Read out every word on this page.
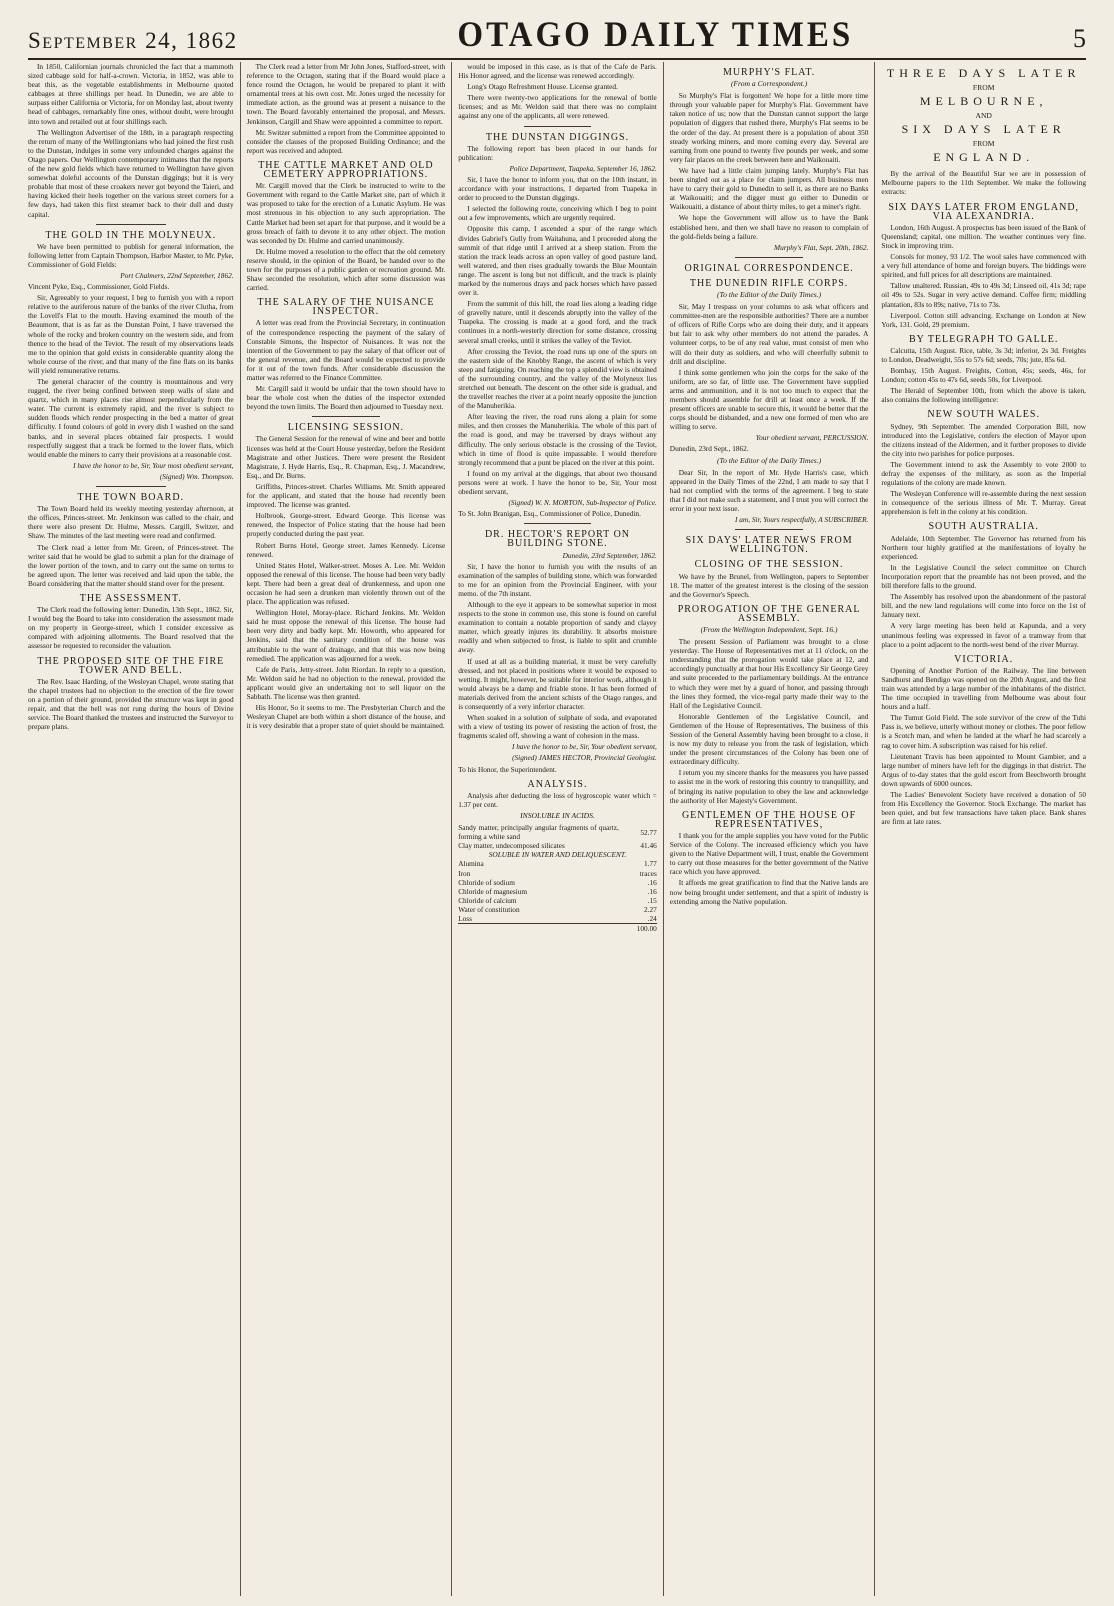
September 24, 1862	OTAGO DAILY TIMES	5

In 1850, Californian journals chronicled the fact that a mammoth sized cabbage sold for half-a-crown. Victoria, in 1852, was able to beat this, as the vegetable establishments in Melbourne quoted cabbages at three shillings per head. In Dunedin, we are able to surpass either California or Victoria, for on Monday last, about twenty head of cabbages, remarkably fine ones, without doubt, were brought into town and retailed out at four shillings each.

The Wellington Advertiser of the 18th, in a paragraph respecting the return of many of the Wellingtonians who had joined the first rush to the Dunstan, indulges in some very unfounded charges against the Otago papers. Our Wellington contemporary intimates that the reports of the new gold fields which have returned to Wellington have given somewhat doleful accounts of the Dunstan diggings; but it is very probable that most of these croakers never got beyond the Taieri, and having kicked their heels together on the various street corners for a few days, had taken this first steamer back to their dull and dusty capital.

THE GOLD IN THE MOLYNEUX.

We have been permitted to publish for general information, the following letter from Captain Thompson, Harbor Master, to Mr. Pyke, Commissioner of Gold Fields:

Port Chalmers, 22nd September, 1862.

Vincent Pyke, Esq., Commissioner, Gold Fields.

Sir, Agreeably to your request, I beg to furnish you with a report relative to the auriferous nature of the banks of the river Clutha, from the Lovell's Flat to the mouth. Having examined the mouth of the Beaumont, that is as far as the Dunstan Point, I have traversed the whole of the rocky and broken country on the western side, and from thence to the head of the Teviot. The result of my observations leads me to the opinion that gold exists in considerable quantity along the whole course of the river, and that many of the fine flats on its banks will yield remunerative returns.

The general character of the country is mountainous and very rugged, the river being confined between steep walls of slate and quartz, which in many places rise almost perpendicularly from the water. The current is extremely rapid, and the river is subject to sudden floods which render prospecting in the bed a matter of great difficulty. I found colours of gold in every dish I washed on the sand banks, and in several places obtained fair prospects. I would respectfully suggest that a track be formed to the lower flats, which would enable the miners to carry their provisions at a reasonable cost.

I have the honor to be, Sir, Your most obedient servant,

(Signed) Wm. Thompson.

THE TOWN BOARD.

The Town Board held its weekly meeting yesterday afternoon, at the offices, Princes-street. Mr. Jenkinson was called to the chair, and there were also present Dr. Hulme, Messrs. Cargill, Switzer, and Shaw. The minutes of the last meeting were read and confirmed.

The Clerk read a letter from Mr. Green, of Princes-street. The writer said that he would be glad to submit a plan for the drainage of the lower portion of the town, and to carry out the same on terms to be agreed upon. The letter was received and laid upon the table, the Board considering that the matter should stand over for the present.

THE ASSESSMENT.

The Clerk read the following letter: Dunedin, 13th Sept., 1862. Sir, I would beg the Board to take into consideration the assessment made on my property in George-street, which I consider excessive as compared with adjoining allotments. The Board resolved that the assessor be requested to reconsider the valuation.

THE PROPOSED SITE OF THE FIRE TOWER AND BELL.

The Rev. Isaac Harding, of the Wesleyan Chapel, wrote stating that the chapel trustees had no objection to the erection of the fire tower on a portion of their ground, provided the structure was kept in good repair, and that the bell was not rung during the hours of Divine service. The Board thanked the trustees and instructed the Surveyor to prepare plans.

The Clerk read a letter from Mr John Jones, Stafford-street, with reference to the Octagon, stating that if the Board would place a fence round the Octagon, he would be prepared to plant it with ornamental trees at his own cost. Mr. Jones urged the necessity for immediate action, as the ground was at present a nuisance to the town. The Board favorably entertained the proposal, and Messrs. Jenkinson, Cargill and Shaw were appointed a committee to report.

Mr. Switzer submitted a report from the Committee appointed to consider the clauses of the proposed Building Ordinance; and the report was received and adopted.

THE CATTLE MARKET AND OLD CEMETERY APPROPRIATIONS.

Mr. Cargill moved that the Clerk be instructed to write to the Government with regard to the Cattle Market site, part of which it was proposed to take for the erection of a Lunatic Asylum. He was most strenuous in his objection to any such appropriation. The Cattle Market had been set apart for that purpose, and it would be a gross breach of faith to devote it to any other object. The motion was seconded by Dr. Hulme and carried unanimously.

Dr. Hulme moved a resolution to the effect that the old cemetery reserve should, in the opinion of the Board, be handed over to the town for the purposes of a public garden or recreation ground. Mr. Shaw seconded the resolution, which after some discussion was carried.

THE SALARY OF THE NUISANCE INSPECTOR.

A letter was read from the Provincial Secretary, in continuation of the correspondence respecting the payment of the salary of Constable Simons, the Inspector of Nuisances. It was not the intention of the Government to pay the salary of that officer out of the general revenue, and the Board would be expected to provide for it out of the town funds. After considerable discussion the matter was referred to the Finance Committee.

Mr. Cargill said it would be unfair that the town should have to bear the whole cost when the duties of the inspector extended beyond the town limits. The Board then adjourned to Tuesday next.

LICENSING SESSION.

The General Session for the renewal of wine and beer and bottle licenses was held at the Court House yesterday, before the Resident Magistrate and other Justices. There were present the Resident Magistrate, J. Hyde Harris, Esq., R. Chapman, Esq., J. Macandrew, Esq., and Dr. Burns.

Griffiths, Princes-street. Charles Williams. Mr. Smith appeared for the applicant, and stated that the house had recently been improved. The license was granted.

Holbrook, George-street. Edward George. This license was renewed, the Inspector of Police stating that the house had been properly conducted during the past year.

Robert Burns Hotel, George street. James Kennedy. License renewed.

United States Hotel, Walker-street. Moses A. Lee. Mr. Weldon opposed the renewal of this license. The house had been very badly kept. There had been a great deal of drunkenness, and upon one occasion he had seen a drunken man violently thrown out of the place. The application was refused.

Wellington Hotel, Moray-place. Richard Jenkins. Mr. Weldon said he must oppose the renewal of this license. The house had been very dirty and badly kept. Mr. Howorth, who appeared for Jenkins, said that the sanitary condition of the house was attributable to the want of drainage, and that this was now being remedied. The application was adjourned for a week.

Cafe de Paris, Jetty-street. John Riordan. In reply to a question, Mr. Weldon said he had no objection to the renewal, provided the applicant would give an undertaking not to sell liquor on the Sabbath. The license was then granted.

His Honor, So it seems to me. The Presbyterian Church and the Wesleyan Chapel are both within a short distance of the house, and it is very desirable that a proper state of quiet should be maintained.

would be imposed in this case, as is that of the Cafe de Paris. His Honor agreed, and the license was renewed accordingly.

Long's Otago Refreshment House. License granted.

There were twenty-two applications for the renewal of bottle licenses; and as Mr. Weldon said that there was no complaint against any one of the applicants, all were renewed.

THE DUNSTAN DIGGINGS.

The following report has been placed in our hands for publication:

Police Department, Tuapeka, September 16, 1862.

Sir, I have the honor to inform you, that on the 10th instant, in accordance with your instructions, I departed from Tuapeka in order to proceed to the Dunstan diggings.

I selected the following route, conceiving which I beg to point out a few improvements, which are urgently required.

Opposite this camp, I ascended a spur of the range which divides Gabriel's Gully from Waitahuna, and I proceeded along the summit of that ridge until I arrived at a sheep station. From the station the track leads across an open valley of good pasture land, well watered, and then rises gradually towards the Blue Mountain range. The ascent is long but not difficult, and the track is plainly marked by the numerous drays and pack horses which have passed over it.

From the summit of this hill, the road lies along a leading ridge of gravelly nature, until it descends abruptly into the valley of the Tuapeka. The crossing is made at a good ford, and the track continues in a north-westerly direction for some distance, crossing several small creeks, until it strikes the valley of the Teviot.

After crossing the Teviot, the road runs up one of the spurs on the eastern side of the Knobby Range, the ascent of which is very steep and fatiguing. On reaching the top a splendid view is obtained of the surrounding country, and the valley of the Molyneux lies stretched out beneath. The descent on the other side is gradual, and the traveller reaches the river at a point nearly opposite the junction of the Manuherikia.

After leaving the river, the road runs along a plain for some miles, and then crosses the Manuherikia. The whole of this part of the road is good, and may be traversed by drays without any difficulty. The only serious obstacle is the crossing of the Teviot, which in time of flood is quite impassable. I would therefore strongly recommend that a punt be placed on the river at this point.

I found on my arrival at the diggings, that about two thousand persons were at work. I have the honor to be, Sir, Your most obedient servant,

(Signed) W. N. MORTON, Sub-Inspector of Police.

To St. John Branigan, Esq., Commissioner of Police, Dunedin.

DR. HECTOR'S REPORT ON BUILDING STONE.

Dunedin, 23rd September, 1862.

Sir, I have the honor to furnish you with the results of an examination of the samples of building stone, which was forwarded to me for an opinion from the Provincial Engineer, with your memo. of the 7th instant.

Although to the eye it appears to be somewhat superior in most respects to the stone in common use, this stone is found on careful examination to contain a notable proportion of sandy and clayey matter, which greatly injures its durability. It absorbs moisture readily and when subjected to frost, is liable to split and crumble away.

If used at all as a building material, it must be very carefully dressed, and not placed in positions where it would be exposed to wetting. It might, however, be suitable for interior work, although it would always be a damp and friable stone. It has been formed of materials derived from the ancient schists of the Otago ranges, and is consequently of a very inferior character.

When soaked in a solution of sulphate of soda, and evaporated with a view of testing its power of resisting the action of frost, the fragments scaled off, showing a want of cohesion in the mass.

I have the honor to be, Sir, Your obedient servant,

(Signed) JAMES HECTOR, Provincial Geologist.

To his Honor, the Superintendent.

ANALYSIS.

Analysis after deducting the loss of hygroscopic water which = 1.37 per cent.

INSOLUBLE IN ACIDS.
Sandy matter, principally angular fragments of quartz, forming a white sand	52.77
Clay matter, undecomposed silicates	41.46
SOLUBLE IN WATER AND DELIQUESCENT.	
Alumina	1.77
Iron	traces
Chloride of sodium	.16
Chloride of magnesium	.16
Chloride of calcium	.15
Water of constitution	2.27
Loss	.24
	100.00
MURPHY'S FLAT.
(From a Correspondent.)

So Murphy's Flat is forgotten! We hope for a little more time through your valuable paper for Murphy's Flat. Government have taken notice of us; now that the Dunstan cannot support the large population of diggers that rushed there, Murphy's Flat seems to be the order of the day. At present there is a population of about 350 steady working miners, and more coming every day. Several are earning from one pound to twenty five pounds per week, and some very fair places on the creek between here and Waikouaiti.

We have had a little claim jumping lately. Murphy's Flat has been singled out as a place for claim jumpers. All business men have to carry their gold to Dunedin to sell it, as there are no Banks at Waikouaiti; and the digger must go either to Dunedin or Waikouaiti, a distance of about thirty miles, to get a miner's right.

We hope the Government will allow us to have the Bank established here, and then we shall have no reason to complain of the gold-fields being a failure.

Murphy's Flat, Sept. 20th, 1862.

ORIGINAL CORRESPONDENCE.
THE DUNEDIN RIFLE CORPS.
(To the Editor of the Daily Times.)

Sir, May I trespass on your columns to ask what officers and committee-men are the responsible authorities? There are a number of officers of Rifle Corps who are doing their duty, and it appears but fair to ask why other members do not attend the parades. A volunteer corps, to be of any real value, must consist of men who will do their duty as soldiers, and who will cheerfully submit to drill and discipline.

I think some gentlemen who join the corps for the sake of the uniform, are so far, of little use. The Government have supplied arms and ammunition, and it is not too much to expect that the members should assemble for drill at least once a week. If the present officers are unable to secure this, it would be better that the corps should be disbanded, and a new one formed of men who are willing to serve.

Your obedient servant, PERCUSSION.

Dunedin, 23rd Sept., 1862.

(To the Editor of the Daily Times.)

Dear Sir, In the report of Mr. Hyde Harris's case, which appeared in the Daily Times of the 22nd, I am made to say that I had not complied with the terms of the agreement. I beg to state that I did not make such a statement, and I trust you will correct the error in your next issue.

I am, Sir, Yours respectfully, A SUBSCRIBER.

SIX DAYS' LATER NEWS FROM WELLINGTON.
CLOSING OF THE SESSION.

We have by the Brunel, from Wellington, papers to September 18. The matter of the greatest interest is the closing of the session and the Governor's Speech.

PROROGATION OF THE GENERAL ASSEMBLY.
(From the Wellington Independent, Sept. 16.)

The present Session of Parliament was brought to a close yesterday. The House of Representatives met at 11 o'clock, on the understanding that the prorogation would take place at 12, and accordingly punctually at that hour His Excellency Sir George Grey and suite proceeded to the parliamentary buildings. At the entrance to which they were met by a guard of honor, and passing through the lines they formed, the vice-regal party made their way to the Hall of the Legislative Council.

Honorable Gentlemen of the Legislative Council, and Gentlemen of the House of Representatives, The business of this Session of the General Assembly having been brought to a close, it is now my duty to release you from the task of legislation, which under the present circumstances of the Colony has been one of extraordinary difficulty.

I return you my sincere thanks for the measures you have passed to assist me in the work of restoring this country to tranquillity, and of bringing its native population to obey the law and acknowledge the authority of Her Majesty's Government.

GENTLEMEN OF THE HOUSE OF REPRESENTATIVES,

I thank you for the ample supplies you have voted for the Public Service of the Colony. The increased efficiency which you have given to the Native Department will, I trust, enable the Government to carry out those measures for the better government of the Native race which you have approved.

It affords me great gratification to find that the Native lands are now being brought under settlement, and that a spirit of industry is extending among the Native population.

THREE DAYS LATER
FROM
MELBOURNE,
AND
SIX DAYS LATER
FROM
ENGLAND.

By the arrival of the Beautiful Star we are in possession of Melbourne papers to the 11th September. We make the following extracts:

SIX DAYS LATER FROM ENGLAND, VIA ALEXANDRIA.

London, 16th August. A prospectus has been issued of the Bank of Queensland; capital, one million. The weather continues very fine. Stock in improving trim.

Consols for money, 93 1/2. The wool sales have commenced with a very full attendance of home and foreign buyers. The biddings were spirited, and full prices for all descriptions are maintained.

Tallow unaltered. Russian, 49s to 49s 3d; Linseed oil, 41s 3d; rape oil 49s to 52s. Sugar in very active demand. Coffee firm; middling plantation, 83s to 89s; native, 71s to 73s.

Liverpool. Cotton still advancing. Exchange on London at New York, 131. Gold, 29 premium.

BY TELEGRAPH TO GALLE.

Calcutta, 15th August. Rice, table, 3s 3d; inferior, 2s 3d. Freights to London, Deadweight, 55s to 57s 6d; seeds, 70s; jute, 85s 6d.

Bombay, 15th August. Freights, Cotton, 45s; seeds, 46s, for London; cotton 45s to 47s 6d, seeds 50s, for Liverpool.

The Herald of September 10th, from which the above is taken, also contains the following intelligence:

NEW SOUTH WALES.

Sydney, 9th September. The amended Corporation Bill, now introduced into the Legislative, confers the election of Mayor upon the citizens instead of the Aldermen, and it further proposes to divide the city into two parishes for police purposes.

The Government intend to ask the Assembly to vote 2000 to defray the expenses of the military, as soon as the Imperial regulations of the colony are made known.

The Wesleyan Conference will re-assemble during the next session in consequence of the serious illness of Mr. T. Murray. Great apprehension is felt in the colony at his condition.

SOUTH AUSTRALIA.

Adelaide, 10th September. The Governor has returned from his Northern tour highly gratified at the manifestations of loyalty he experienced.

In the Legislative Council the select committee on Church Incorporation report that the preamble has not been proved, and the bill therefore falls to the ground.

The Assembly has resolved upon the abandonment of the pastoral bill, and the new land regulations will come into force on the 1st of January next.

A very large meeting has been held at Kapunda, and a very unanimous feeling was expressed in favor of a tramway from that place to a point adjacent to the north-west bend of the river Murray.

VICTORIA.

Opening of Another Portion of the Railway. The line between Sandhurst and Bendigo was opened on the 20th August, and the first train was attended by a large number of the inhabitants of the district. The time occupied in travelling from Melbourne was about four hours and a half.

The Tumut Gold Field. The sole survivor of the crew of the Tuhi Pass is, we believe, utterly without money or clothes. The poor fellow is a Scotch man, and when he landed at the wharf he had scarcely a rag to cover him. A subscription was raised for his relief.

Lieutenant Travis has been appointed to Mount Gambier, and a large number of miners have left for the diggings in that district. The Argus of to-day states that the gold escort from Beechworth brought down upwards of 6000 ounces.

The Ladies' Benevolent Society have received a donation of 50 from His Excellency the Governor. Stock Exchange. The market has been quiet, and but few transactions have taken place. Bank shares are firm at late rates.
